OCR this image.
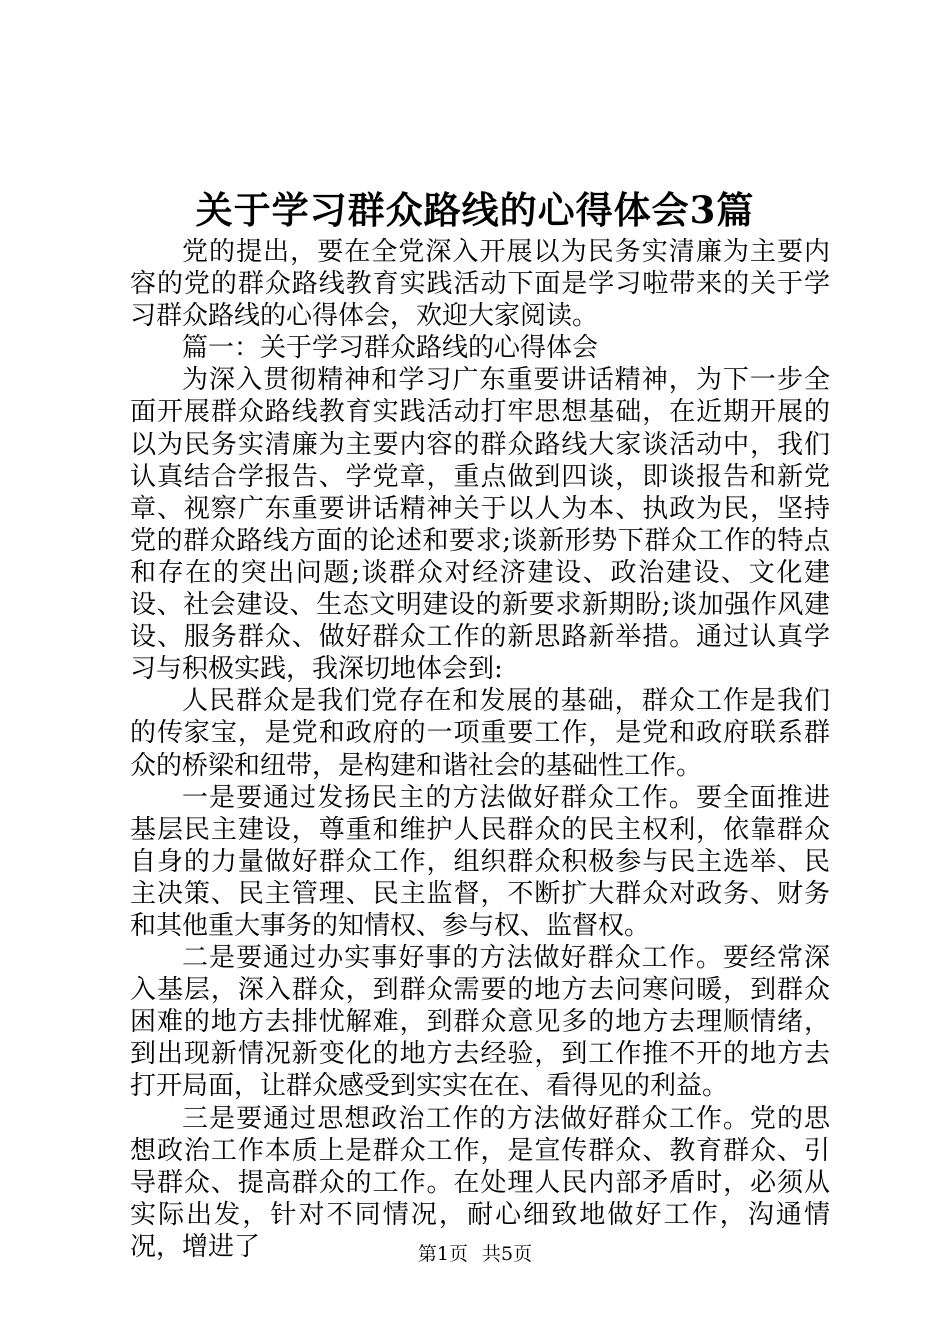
关于学习群众路线的心得体会3篇

党的提出，要在全党深入开展以为民务实清廉为主要内容的党的群众路线教育实践活动下面是学习啦带来的关于学习群众路线的心得体会，欢迎大家阅读。

篇一：关于学习群众路线的心得体会

为深入贯彻精神和学习广东重要讲话精神，为下一步全面开展群众路线教育实践活动打牢思想基础，在近期开展的以为民务实清廉为主要内容的群众路线大家谈活动中，我们认真结合学报告、学党章，重点做到四谈，即谈报告和新党章、视察广东重要讲话精神关于以人为本、执政为民，坚持党的群众路线方面的论述和要求;谈新形势下群众工作的特点和存在的突出问题;谈群众对经济建设、政治建设、文化建设、社会建设、生态文明建设的新要求新期盼;谈加强作风建设、服务群众、做好群众工作的新思路新举措。通过认真学习与积极实践，我深切地体会到:

人民群众是我们党存在和发展的基础，群众工作是我们的传家宝，是党和政府的一项重要工作，是党和政府联系群众的桥梁和纽带，是构建和谐社会的基础性工作。

一是要通过发扬民主的方法做好群众工作。要全面推进基层民主建设，尊重和维护人民群众的民主权利，依靠群众自身的力量做好群众工作，组织群众积极参与民主选举、民主决策、民主管理、民主监督，不断扩大群众对政务、财务和其他重大事务的知情权、参与权、监督权。

二是要通过办实事好事的方法做好群众工作。要经常深入基层，深入群众，到群众需要的地方去问寒问暖，到群众困难的地方去排忧解难，到群众意见多的地方去理顺情绪，到出现新情况新变化的地方去经验，到工作推不开的地方去打开局面，让群众感受到实实在在、看得见的利益。

三是要通过思想政治工作的方法做好群众工作。党的思想政治工作本质上是群众工作，是宣传群众、教育群众、引导群众、提高群众的工作。在处理人民内部矛盾时，必须从实际出发，针对不同情况，耐心细致地做好工作，沟通情况，增进了	第1页 共5页
